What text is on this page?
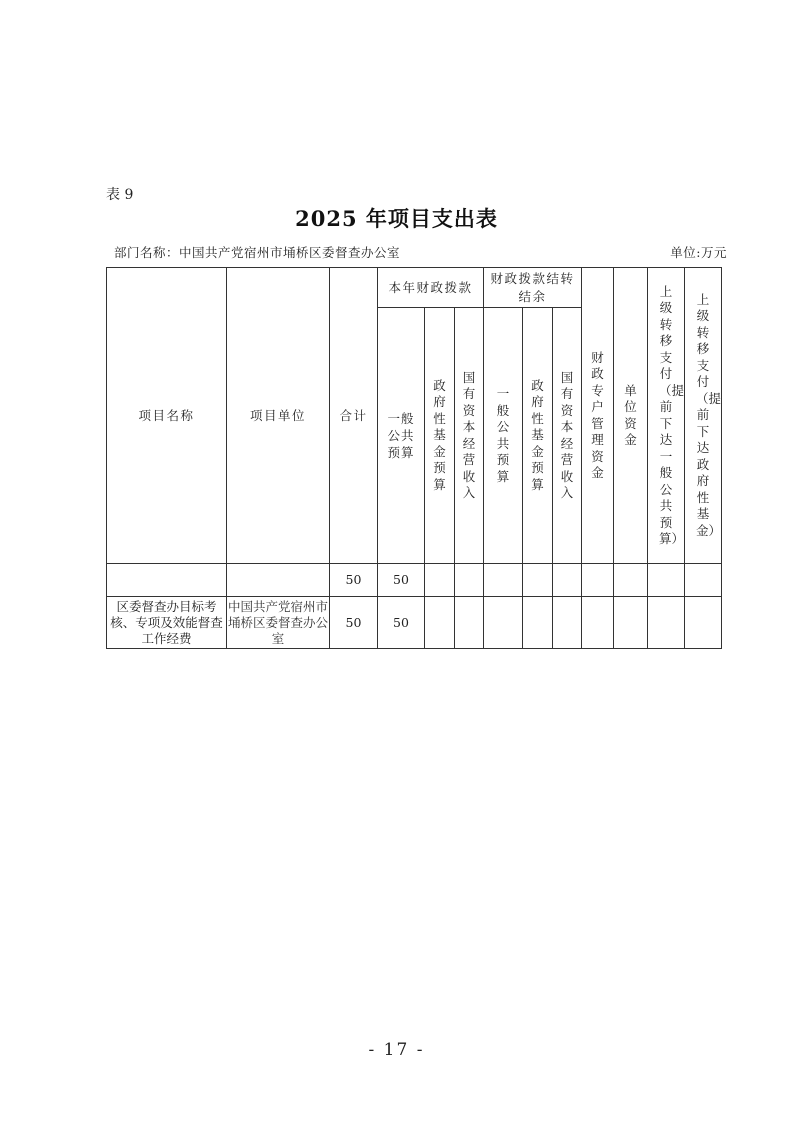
表 9
2025 年项目支出表
部门名称：中国共产党宿州市埇桥区委督查办公室	单位:万元
项目名称	项目单位	合计	本年财政拨款			财政拨款结转结余			财政专户管理资金	单位资金	上级转移支付（提前下达一般公共预算）	上级转移支付（提前下达政府性基金）

			一般公共预算	政府性基金预算	国有资本经营收入	一般公共预算	政府性基金预算	国有资本经营收入				
		50	50									
区委督查办目标考核、专项及效能督查工作经费	中国共产党宿州市埇桥区委督查办公室	50	50									
- 17 -
